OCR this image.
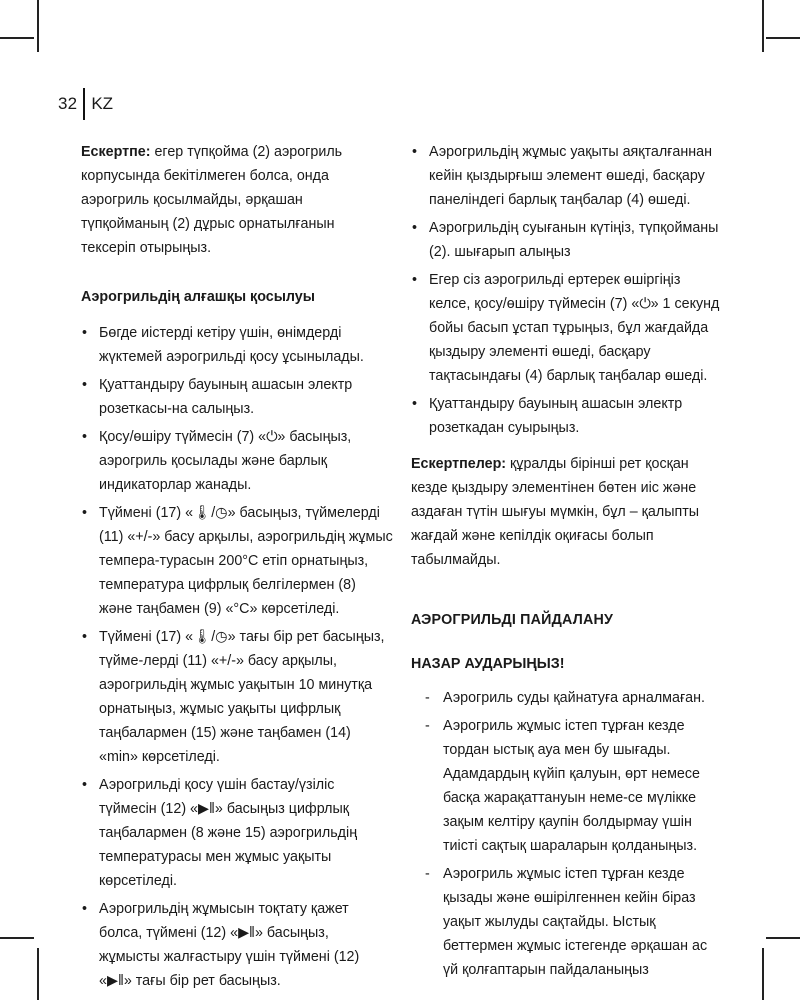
32 KZ

Ескертпе: егер түпқойма (2) аэрогриль корпусында бекітілмеген болса, онда аэрогриль қосылмайды, әрқашан түпқойманың (2) дұрыс орнатылғанын тексеріп отырыңыз.

Аэрогрильдің алғашқы қосылуы
• Бөгде иістерді кетіру үшін, өнімдерді жүктемей аэрогрильді қосу ұсынылады.
• Қуаттандыру бауының ашасын электр розеткасы-на салыңыз.
• Қосу/өшіру түймесін (7) «⏻» басыңыз, аэрогриль қосылады және барлық индикаторлар жанады.
• Түймені (17) «🌡/◷» басыңыз, түймелерді (11) «+/-» басу арқылы, аэрогрильдің жұмыс темпера-турасын 200°С етіп орнатыңыз, температура цифрлық белгілермен (8) және таңбамен (9) «°С» көрсетіледі.
• Түймені (17) «🌡/◷» тағы бір рет басыңыз, түйме-лерді (11) «+/-» басу арқылы, аэрогрильдің жұмыс уақытын 10 минутқа орнатыңыз, жұмыс уақыты цифрлық таңбалармен (15) және таңбамен (14) «min» көрсетіледі.
• Аэрогрильді қосу үшін бастау/үзіліс түймесін (12) «▶‖» басыңыз цифрлық таңбалармен (8 және 15) аэрогрильдің температурасы мен жұмыс уақыты көрсетіледі.
• Аэрогрильдің жұмысын тоқтату қажет болса, түймені (12) «▶‖» басыңыз, жұмысты жалғастыру үшін түймені (12) «▶‖» тағы бір рет басыңыз.
• Аэрогрильдің жұмыс уақыты аяқталғаннан кейін қыздырғыш элемент өшеді, басқару панеліндегі барлық таңбалар (4) өшеді.
• Аэрогрильдің суығанын күтіңіз, түпқойманы (2). шығарып алыңыз
• Егер сіз аэрогрильді ертерек өшіргіңіз келсе, қосу/өшіру түймесін (7) «⏻» 1 секунд бойы басып ұстап тұрыңыз, бұл жағдайда қыздыру элементі өшеді, басқару тақтасындағы (4) барлық таңбалар өшеді.
• Қуаттандыру бауының ашасын электр розеткадан суырыңыз.

Ескертпелер: құралды бірінші рет қосқан кезде қыздыру элементінен бөтен иіс және аздаған түтін шығуы мүмкін, бұл – қалыпты жағдай және кепілдік оқиғасы болып табылмайды.

АЭРОГРИЛЬДІ ПАЙДАЛАНУ
НАЗАР АУДАРЫҢЫЗ!
- Аэрогриль суды қайнатуға арналмаған.
- Аэрогриль жұмыс істеп тұрған кезде тордан ыстық ауа мен бу шығады. Адамдардың күйіп қалуын, өрт немесе басқа жарақаттануын неме-се мүлікке зақым келтіру қаупін болдырмау үшін тиісті сақтық шараларын қолданыңыз.
- Аэрогриль жұмыс істеп тұрған кезде қызады және өшірілгеннен кейін біраз уақыт жылуды сақтайды. Ыстық беттермен жұмыс істегенде әрқашан ас үй қолғаптарын пайдаланыңыз
